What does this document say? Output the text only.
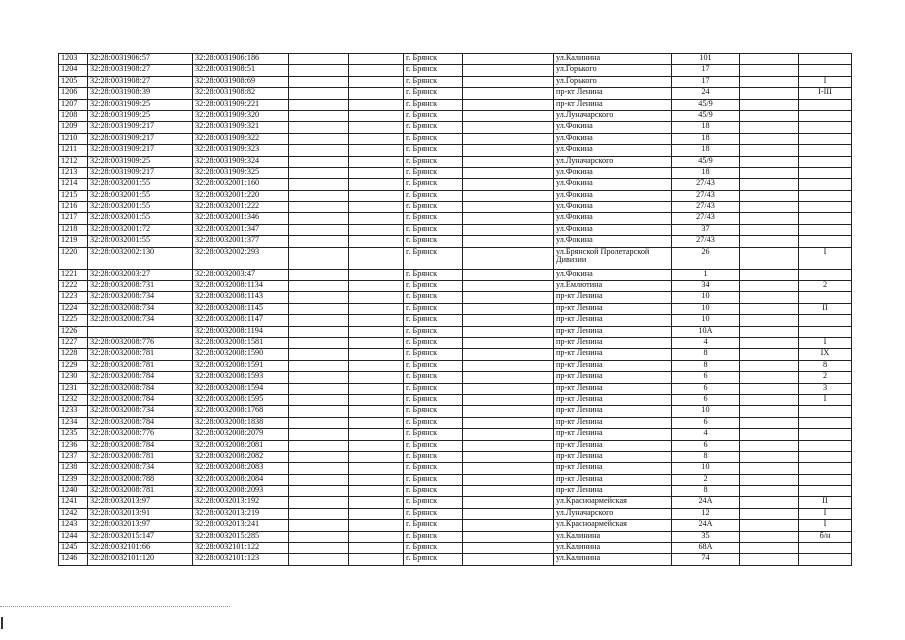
1203	32:28:0031906:57	32:28:0031906:186			г. Брянск		ул.Калинина	101		
1204	32:28:0031908:27	32:28:0031908:51			г. Брянск		ул.Горького	17		
1205	32:28:0031908:27	32:28:0031908:69			г. Брянск		ул.Горького	17		I
1206	32:28:0031908:39	32:28:0031908:82			г. Брянск		пр-кт Ленина	24		I-III
1207	32:28:0031909:25	32:28:0031909:221			г. Брянск		пр-кт Ленина	45/9		
1208	32:28:0031909:25	32:28:0031909:320			г. Брянск		ул.Луначарского	45/9		
1209	32:28:0031909:217	32:28:0031909:321			г. Брянск		ул.Фокина	18		
1210	32:28:0031909:217	32:28:0031909:322			г. Брянск		ул.Фокина	18		
1211	32:28:0031909:217	32:28:0031909:323			г. Брянск		ул.Фокина	18		
1212	32:28:0031909:25	32:28:0031909:324			г. Брянск		ул.Луначарского	45/9		
1213	32:28:0031909:217	32:28:0031909:325			г. Брянск		ул.Фокина	18		
1214	32:28:0032001:55	32:28:0032001:160			г. Брянск		ул.Фокина	27/43		
1215	32:28:0032001:55	32:28:0032001:220			г. Брянск		ул.Фокина	27/43		
1216	32:28:0032001:55	32:28:0032001:222			г. Брянск		ул.Фокина	27/43		
1217	32:28:0032001:55	32:28:0032001:346			г. Брянск		ул.Фокина	27/43		
1218	32:28:0032001:72	32:28:0032001:347			г. Брянск		ул.Фокина	37		
1219	32:28:0032001:55	32:28:0032001:377			г. Брянск		ул.Фокина	27/43		
1220	32:28:0032002:130	32:28:0032002:293			г. Брянск		ул.Брянской Пролетарской Дивизии	26		I
1221	32:28:0032003:27	32:28:0032003:47			г. Брянск		ул.Фокина	1		
1222	32:28:0032008:731	32:28:0032008:1134			г. Брянск		ул.Емлютина	34		2
1223	32:28:0032008:734	32:28:0032008:1143			г. Брянск		пр-кт Ленина	10		
1224	32:28:0032008:734	32:28:0032008:1145			г. Брянск		пр-кт Ленина	10		II
1225	32:28:0032008:734	32:28:0032008:1147			г. Брянск		пр-кт Ленина	10		
1226		32:28:0032008:1194			г. Брянск		пр-кт Ленина	10А		
1227	32:28:0032008:776	32:28:0032008:1581			г. Брянск		пр-кт Ленина	4		I
1228	32:28:0032008:781	32:28:0032008:1590			г. Брянск		пр-кт Ленина	8		IX
1229	32:28:0032008:781	32:28:0032008:1591			г. Брянск		пр-кт Ленина	8		8
1230	32:28:0032008:784	32:28:0032008:1593			г. Брянск		пр-кт Ленина	6		2
1231	32:28:0032008:784	32:28:0032008:1594			г. Брянск		пр-кт Ленина	6		3
1232	32:28:0032008:784	32:28:0032008:1595			г. Брянск		пр-кт Ленина	6		I
1233	32:28:0032008:734	32:28:0032008:1768			г. Брянск		пр-кт Ленина	10		
1234	32:28:0032008:784	32:28:0032008:1838			г. Брянск		пр-кт Ленина	6		
1235	32:28:0032008:776	32:28:0032008:2079			г. Брянск		пр-кт Ленина	4		
1236	32:28:0032008:784	32:28:0032008:2081			г. Брянск		пр-кт Ленина	6		
1237	32:28:0032008:781	32:28:0032008:2082			г. Брянск		пр-кт Ленина	8		
1238	32:28:0032008:734	32:28:0032008:2083			г. Брянск		пр-кт Ленина	10		
1239	32:28:0032008:788	32:28:0032008:2084			г. Брянск		пр-кт Ленина	2		
1240	32:28:0032008:781	32:28:0032008:2093			г. Брянск		пр-кт Ленина	8		
1241	32:28:0032013:97	32:28:0032013:192			г. Брянск		ул.Красноармейская	24А		II
1242	32:28:0032013:91	32:28:0032013:219			г. Брянск		ул.Луначарского	12		I
1243	32:28:0032013:97	32:28:0032013:241			г. Брянск		ул.Красноармейская	24А		I
1244	32:28:0032015:147	32:28:0032015:285			г. Брянск		ул.Калинина	35		б/н
1245	32:28:0032101:66	32:28:0032101:122			г. Брянск		ул.Калинина	68А		
1246	32:28:0032101:120	32:28:0032101:123			г. Брянск		ул.Калинина	74		
